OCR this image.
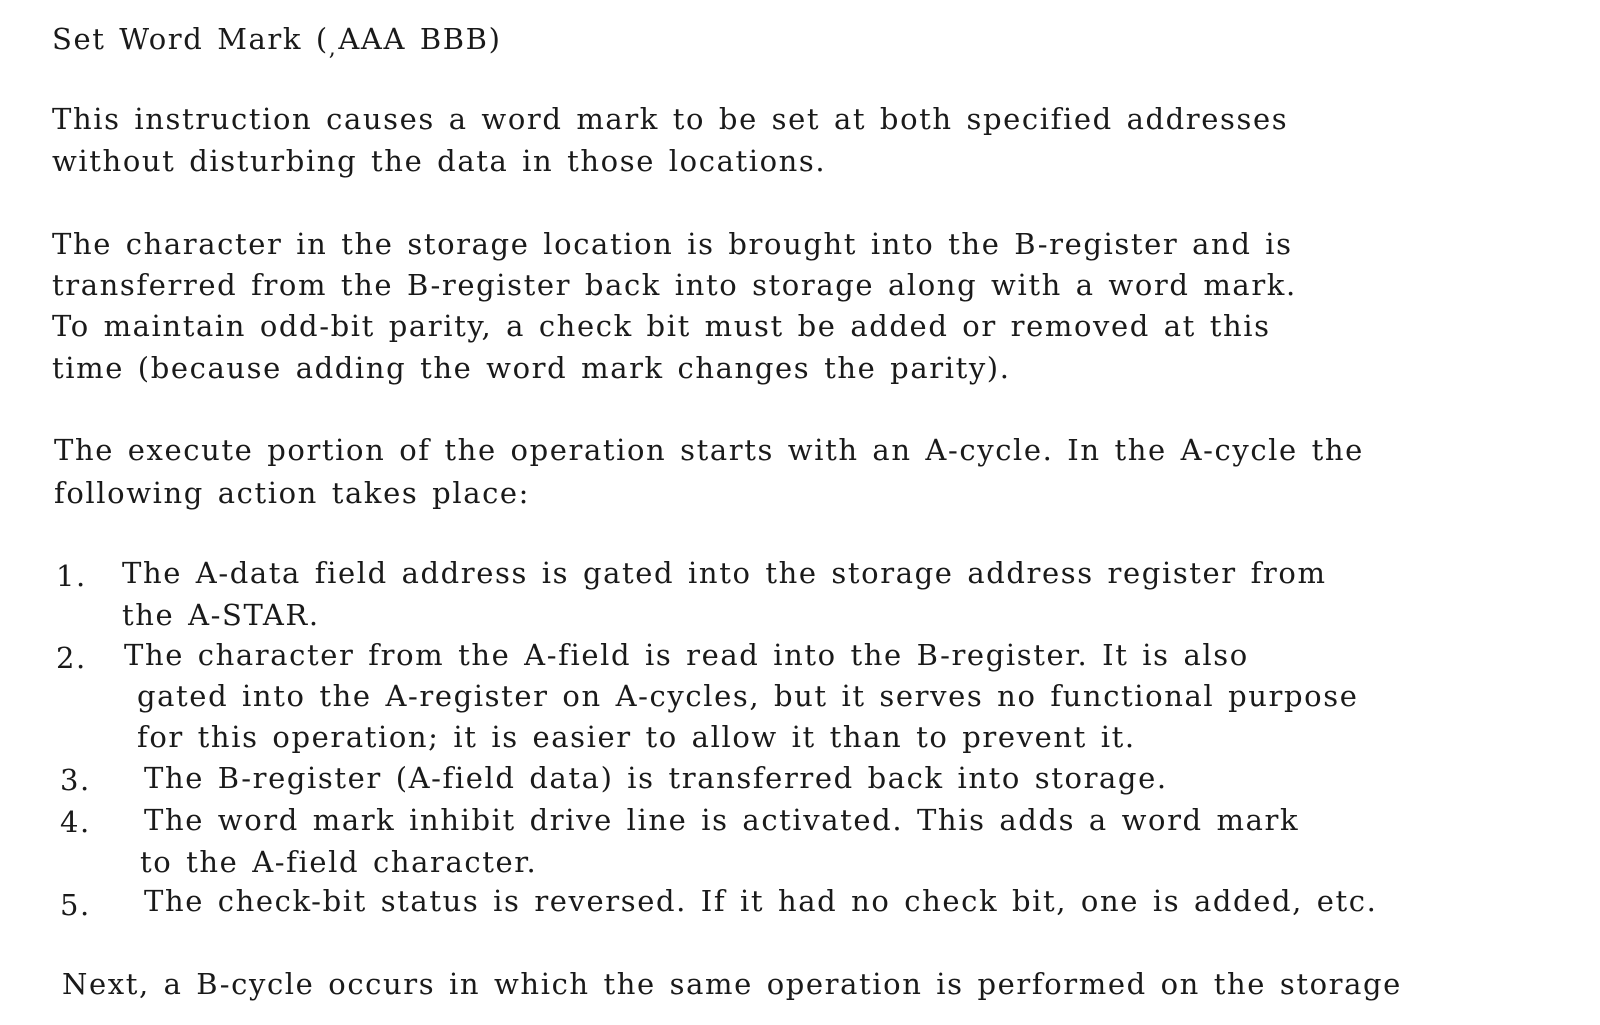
Set Word Mark (,AAA BBB)
This instruction causes a word mark to be set at both specified addresses
without disturbing the data in those locations.
The character in the storage location is brought into the B-register and is
transferred from the B-register back into storage along with a word mark.
To maintain odd-bit parity, a check bit must be added or removed at this
time (because adding the word mark changes the parity).
The execute portion of the operation starts with an A-cycle. In the A-cycle the
following action takes place:
1. The A-data field address is gated into the storage address register from
the A-STAR.
2. The character from the A-field is read into the B-register. It is also
gated into the A-register on A-cycles, but it serves no functional purpose
for this operation; it is easier to allow it than to prevent it.
3. The B-register (A-field data) is transferred back into storage.
4. The word mark inhibit drive line is activated. This adds a word mark
to the A-field character.
5. The check-bit status is reversed. If it had no check bit, one is added, etc.
Next, a B-cycle occurs in which the same operation is performed on the storage
